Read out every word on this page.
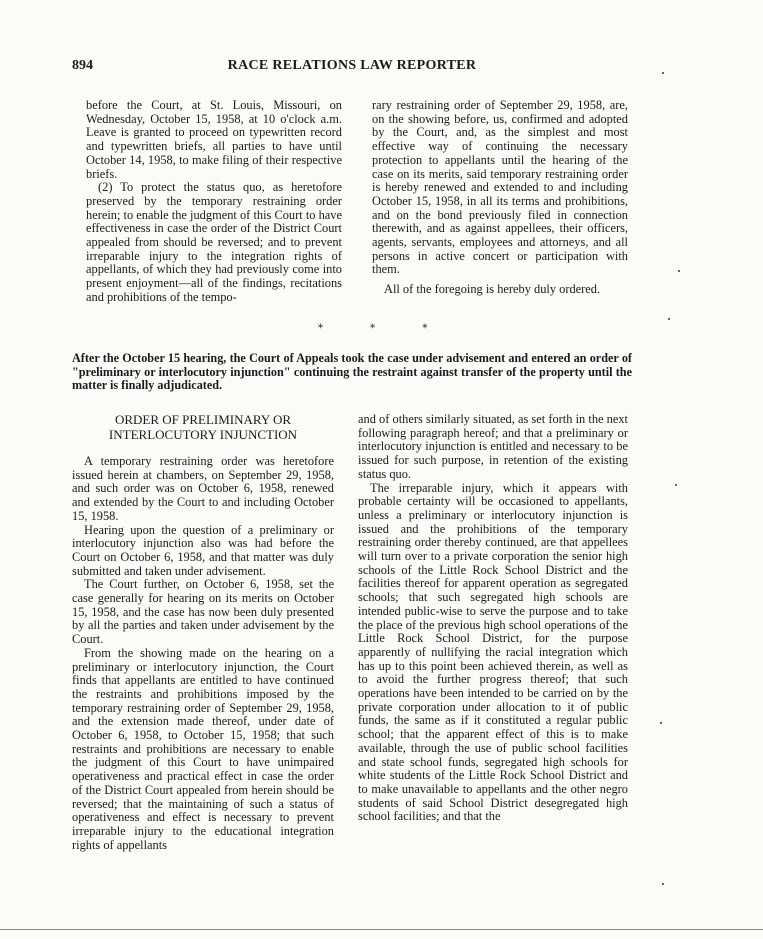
894	RACE RELATIONS LAW REPORTER

before the Court, at St. Louis, Missouri, on Wednesday, October 15, 1958, at 10 o'clock a.m. Leave is granted to proceed on typewritten record and typewritten briefs, all parties to have until October 14, 1958, to make filing of their respective briefs.

(2) To protect the status quo, as heretofore preserved by the temporary restraining order herein; to enable the judgment of this Court to have effectiveness in case the order of the District Court appealed from should be reversed; and to prevent irreparable injury to the integration rights of appellants, of which they had previously come into present enjoyment—all of the findings, recitations and prohibitions of the tempo-

rary restraining order of September 29, 1958, are, on the showing before, us, confirmed and adopted by the Court, and, as the simplest and most effective way of continuing the necessary protection to appellants until the hearing of the case on its merits, said temporary restraining order is hereby renewed and extended to and including October 15, 1958, in all its terms and prohibitions, and on the bond previously filed in connection therewith, and as against appellees, their officers, agents, servants, employees and attorneys, and all persons in active concert or participation with them.

All of the foregoing is hereby duly ordered.

* * *
After the October 15 hearing, the Court of Appeals took the case under advisement and entered an order of "preliminary or interlocutory injunction" continuing the restraint against transfer of the property until the matter is finally adjudicated.
ORDER OF PRELIMINARY OR
INTERLOCUTORY INJUNCTION

A temporary restraining order was heretofore issued herein at chambers, on September 29, 1958, and such order was on October 6, 1958, renewed and extended by the Court to and including October 15, 1958.

Hearing upon the question of a preliminary or interlocutory injunction also was had before the Court on October 6, 1958, and that matter was duly submitted and taken under advisement.

The Court further, on October 6, 1958, set the case generally for hearing on its merits on October 15, 1958, and the case has now been duly presented by all the parties and taken under advisement by the Court.

From the showing made on the hearing on a preliminary or interlocutory injunction, the Court finds that appellants are entitled to have continued the restraints and prohibitions imposed by the temporary restraining order of September 29, 1958, and the extension made thereof, under date of October 6, 1958, to October 15, 1958; that such restraints and prohibitions are necessary to enable the judgment of this Court to have unimpaired operativeness and practical effect in case the order of the District Court appealed from herein should be reversed; that the maintaining of such a status of operativeness and effect is necessary to prevent irreparable injury to the educational integration rights of appellants

and of others similarly situated, as set forth in the next following paragraph hereof; and that a preliminary or interlocutory injunction is entitled and necessary to be issued for such purpose, in retention of the existing status quo.

The irreparable injury, which it appears with probable certainty will be occasioned to appellants, unless a preliminary or interlocutory injunction is issued and the prohibitions of the temporary restraining order thereby continued, are that appellees will turn over to a private corporation the senior high schools of the Little Rock School District and the facilities thereof for apparent operation as segregated schools; that such segregated high schools are intended public-wise to serve the purpose and to take the place of the previous high school operations of the Little Rock School District, for the purpose apparently of nullifying the racial integration which has up to this point been achieved therein, as well as to avoid the further progress thereof; that such operations have been intended to be carried on by the private corporation under allocation to it of public funds, the same as if it constituted a regular public school; that the apparent effect of this is to make available, through the use of public school facilities and state school funds, segregated high schools for white students of the Little Rock School District and to make unavailable to appellants and the other negro students of said School District desegregated high school facilities; and that the
